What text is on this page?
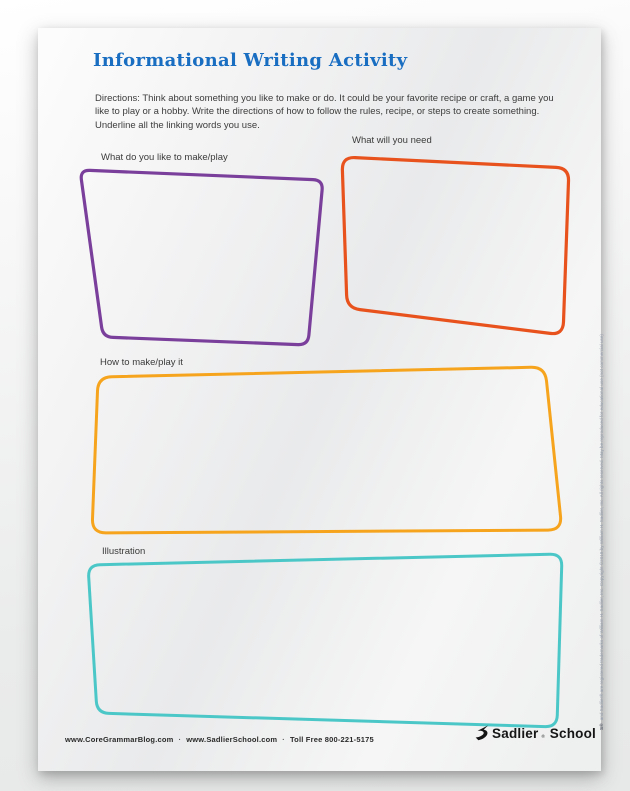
Informational Writing Activity
Directions: Think about something you like to make or do. It could be your favorite recipe or craft, a game you
like to play or a hobby. Write the directions of how to follow the rules, recipe, or steps to create something.
Underline all the linking words you use.
What do you like to make/play
What will you need
How to make/play it
Illustration
www.CoreGrammarBlog.com · www.SadlierSchool.com · Toll Free 800-221-5175	Sadlier ® School S® and Sadlier® are registered trademarks of William H. Sadlier, Inc. Copyright ©2018 by William H. Sadlier, Inc. All rights reserved. May be reproduced for educational use (not commercial use)
